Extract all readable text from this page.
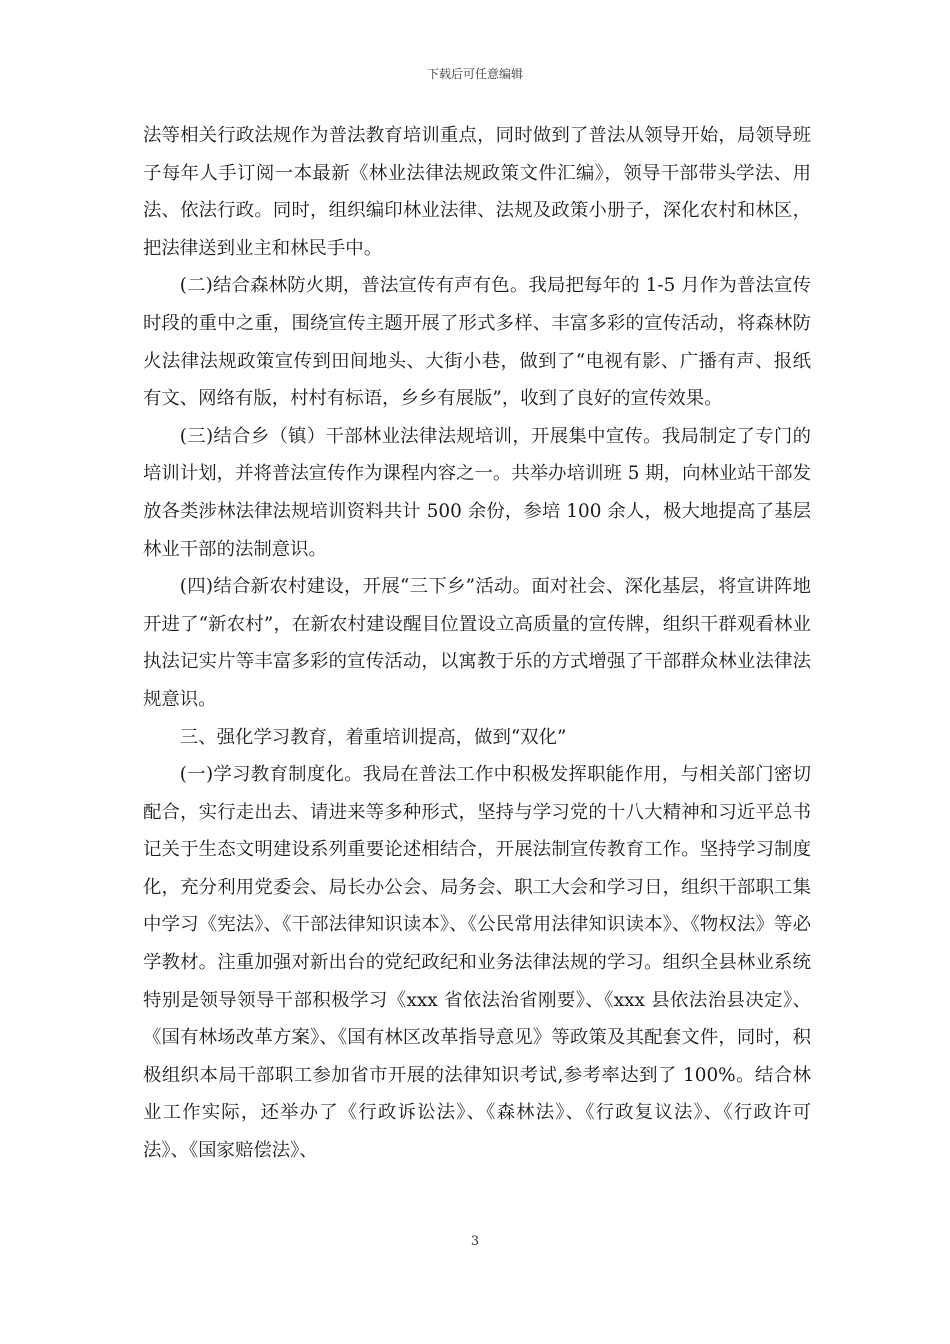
下载后可任意编辑

法等相关行政法规作为普法教育培训重点，同时做到了普法从领导开始，局领导班子每年人手订阅一本最新《林业法律法规政策文件汇编》，领导干部带头学法、用法、依法行政。同时，组织编印林业法律、法规及政策小册子，深化农村和林区，把法律送到业主和林民手中。

(二)结合森林防火期，普法宣传有声有色。我局把每年的 1-5 月作为普法宣传时段的重中之重，围绕宣传主题开展了形式多样、丰富多彩的宣传活动，将森林防火法律法规政策宣传到田间地头、大街小巷，做到了“电视有影、广播有声、报纸有文、网络有版，村村有标语，乡乡有展版”，收到了良好的宣传效果。

(三)结合乡（镇）干部林业法律法规培训，开展集中宣传。我局制定了专门的培训计划，并将普法宣传作为课程内容之一。共举办培训班 5 期，向林业站干部发放各类涉林法律法规培训资料共计 500 余份，参培 100 余人，极大地提高了基层林业干部的法制意识。

(四)结合新农村建设，开展“三下乡”活动。面对社会、深化基层，将宣讲阵地开进了“新农村”，在新农村建设醒目位置设立高质量的宣传牌，组织干群观看林业执法记实片等丰富多彩的宣传活动，以寓教于乐的方式增强了干部群众林业法律法规意识。

三、强化学习教育，着重培训提高，做到“双化”

(一)学习教育制度化。我局在普法工作中积极发挥职能作用，与相关部门密切配合，实行走出去、请进来等多种形式，坚持与学习党的十八大精神和习近平总书记关于生态文明建设系列重要论述相结合，开展法制宣传教育工作。坚持学习制度化，充分利用党委会、局长办公会、局务会、职工大会和学习日，组织干部职工集中学习《宪法》、《干部法律知识读本》、《公民常用法律知识读本》、《物权法》等必学教材。注重加强对新出台的党纪政纪和业务法律法规的学习。组织全县林业系统特别是领导领导干部积极学习《xxx 省依法治省刚要》、《xxx 县依法治县决定》、《国有林场改革方案》、《国有林区改革指导意见》等政策及其配套文件，同时，积极组织本局干部职工参加省市开展的法律知识考试,参考率达到了 100%。结合林业工作实际，还举办了《行政诉讼法》、《森林法》、《行政复议法》、《行政许可法》、《国家赔偿法》、

3
